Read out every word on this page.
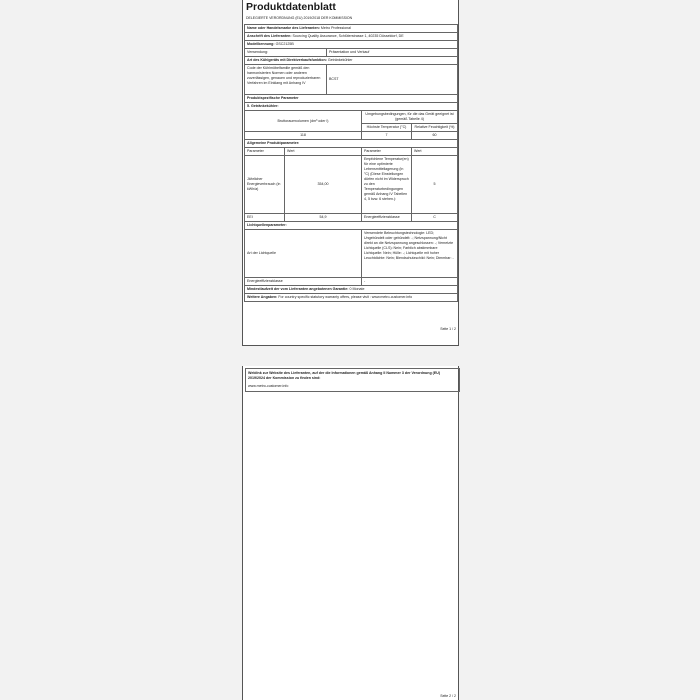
Produktdatenblatt
DELEGIERTE VERORDNUNG (EU) 2019/2018 DER KOMMISSION
Name oder Handelsmarke des Lieferanten: Metro Professional				
Anschrift des Lieferanten: Sourcing Quality Assurance, Schlüterstrasse 1, 40235 Düsseldorf, DE				
Modellkennung: GSC2125B				
Verwendung:		Präsentation und Verkauf		
Art des Kühlgeräts mit Direktverkaufsfunktion: Getränkekühler				
Code der Kühlmöbelfamilie gemäß den harmonisierten Normen oder anderen zuverlässigen, genauen und reproduzierbaren Verfahren im Einklang mit Anhang IV		BCST		
Produktspezifische Parameter				
5. Getränkekühler:				
Bruttoraumvolumen (dm³ oder l)			Umgebungsbedingungen, für die das Gerät geeignet ist (gemäß Tabelle 4)	
			Höchste Temperatur (°C)	Relative Feuchtigkeit (%)
118			7	60
Allgemeine Produktparameter:				
Parameter	Wert		Parameter	Wert
Jährlicher Energieverbrauch (in kWh/a)	354,00		Empfohlene Temperatur(en) für eine optimierte Lebensmittellagerung (in °C) (Diese Einstellungen dürfen nicht im Widerspruch zu den Temperaturbedingungen gemäß Anhang IV Tabellen 4, 5 bzw. 6 stehen.):	5
EEI	54,9		Energieeffizienzklasse	C
Lichtquellenparameter:				
Art der Lichtquelle			Verwendete Beleuchtungstechnologie: LED; Ungebündelt oder gebündelt: -; Netzspannung/Nicht direkt an die Netzspannung angeschlossen: -; Vernetzte Lichtquelle (CLS): Nein; Farblich abstimmbare Lichtquelle: Nein; Hülle: -; Lichtquelle mit hoher Leuchtdichte: Nein; Blendschutzschild: Nein; Dimmbar: -	
Energieeffizienzklasse			-	
Mindestlaufzeit der vom Lieferanten angebotenen Garantie: 0 Monate				
Weitere Angaben: For country specific statutory warranty offers, please visit : www.metro-customer.info				
Seite 1 / 2
Weblink zur Website des Lieferanten, auf der die Informationen gemäß Anhang II Nummer 3 der Verordnung (EU) 2019/2024 der Kommission zu finden sind:
www.metro-customer.info
Seite 2 / 2
